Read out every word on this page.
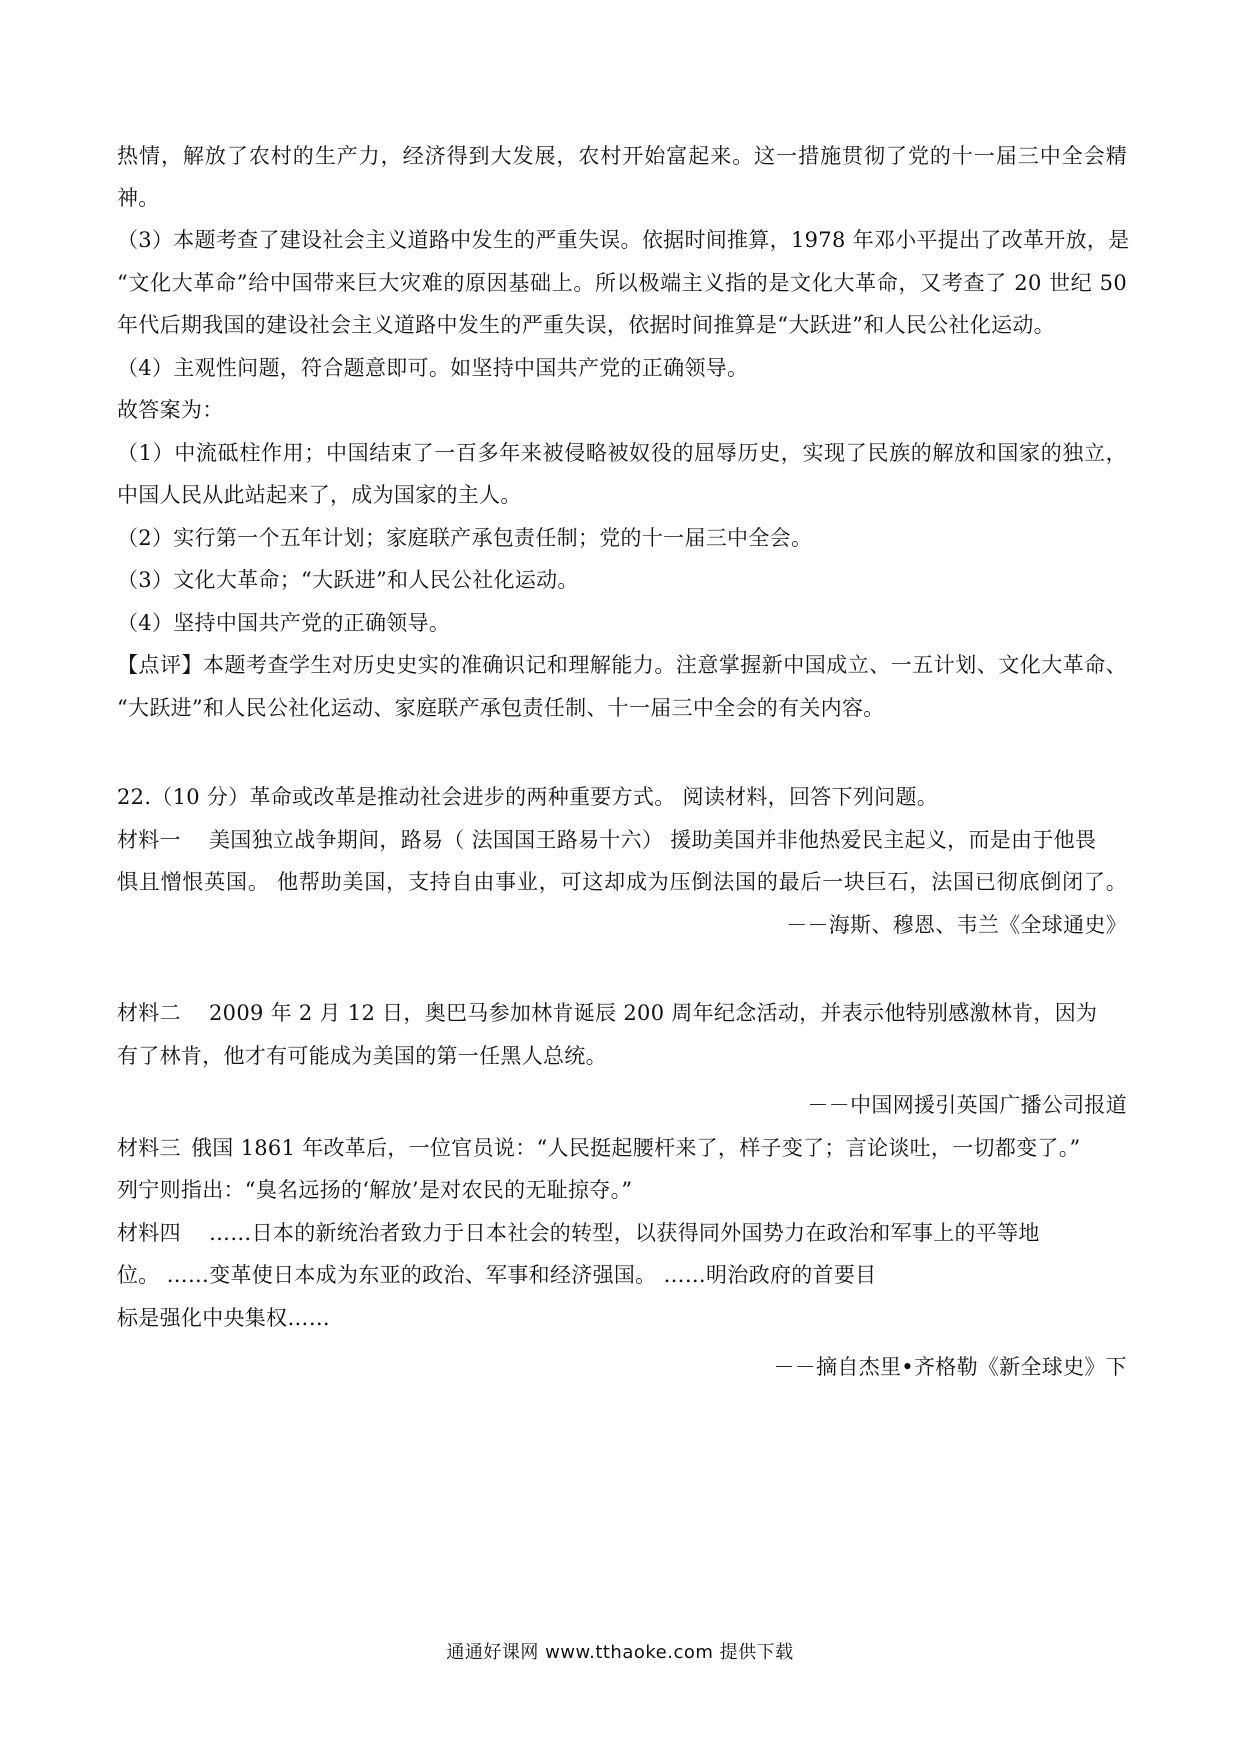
热情，解放了农村的生产力，经济得到大发展，农村开始富起来。这一措施贯彻了党的十一届三中全会精
神。
（3）本题考查了建设社会主义道路中发生的严重失误。依据时间推算，1978 年邓小平提出了改革开放，是
“文化大革命”给中国带来巨大灾难的原因基础上。所以极端主义指的是文化大革命，又考查了 20 世纪 50
年代后期我国的建设社会主义道路中发生的严重失误，依据时间推算是“大跃进”和人民公社化运动。
（4）主观性问题，符合题意即可。如坚持中国共产党的正确领导。
故答案为：
（1）中流砥柱作用；中国结束了一百多年来被侵略被奴役的屈辱历史，实现了民族的解放和国家的独立，
中国人民从此站起来了，成为国家的主人。
（2）实行第一个五年计划；家庭联产承包责任制；党的十一届三中全会。
（3）文化大革命；“大跃进”和人民公社化运动。
（4）坚持中国共产党的正确领导。
【点评】本题考查学生对历史史实的准确识记和理解能力。注意掌握新中国成立、一五计划、文化大革命、
“大跃进”和人民公社化运动、家庭联产承包责任制、十一届三中全会的有关内容。
22.（10 分）革命或改革是推动社会进步的两种重要方式。 阅读材料，回答下列问题。
材料一 美国独立战争期间，路易（ 法国国王路易十六） 援助美国并非他热爱民主起义，而是由于他畏
惧且憎恨英国。 他帮助美国，支持自由事业，可这却成为压倒法国的最后一块巨石，法国已彻底倒闭了。
－－海斯、穆恩、韦兰《全球通史》
材料二 2009 年 2 月 12 日，奥巴马参加林肯诞辰 200 周年纪念活动，并表示他特别感激林肯，因为
有了林肯，他才有可能成为美国的第一任黑人总统。
－－中国网援引英国广播公司报道
材料三 俄国 1861 年改革后，一位官员说：“人民挺起腰杆来了，样子变了；言论谈吐，一切都变了。”
列宁则指出：“臭名远扬的‘解放’是对农民的无耻掠夺。”
材料四 ……日本的新统治者致力于日本社会的转型，以获得同外国势力在政治和军事上的平等地
位。 ……变革使日本成为东亚的政治、军事和经济强国。 ……明治政府的首要目
标是强化中央集权……
－－摘自杰里•齐格勒《新全球史》下
通通好课网 www.tthaoke.com 提供下载
